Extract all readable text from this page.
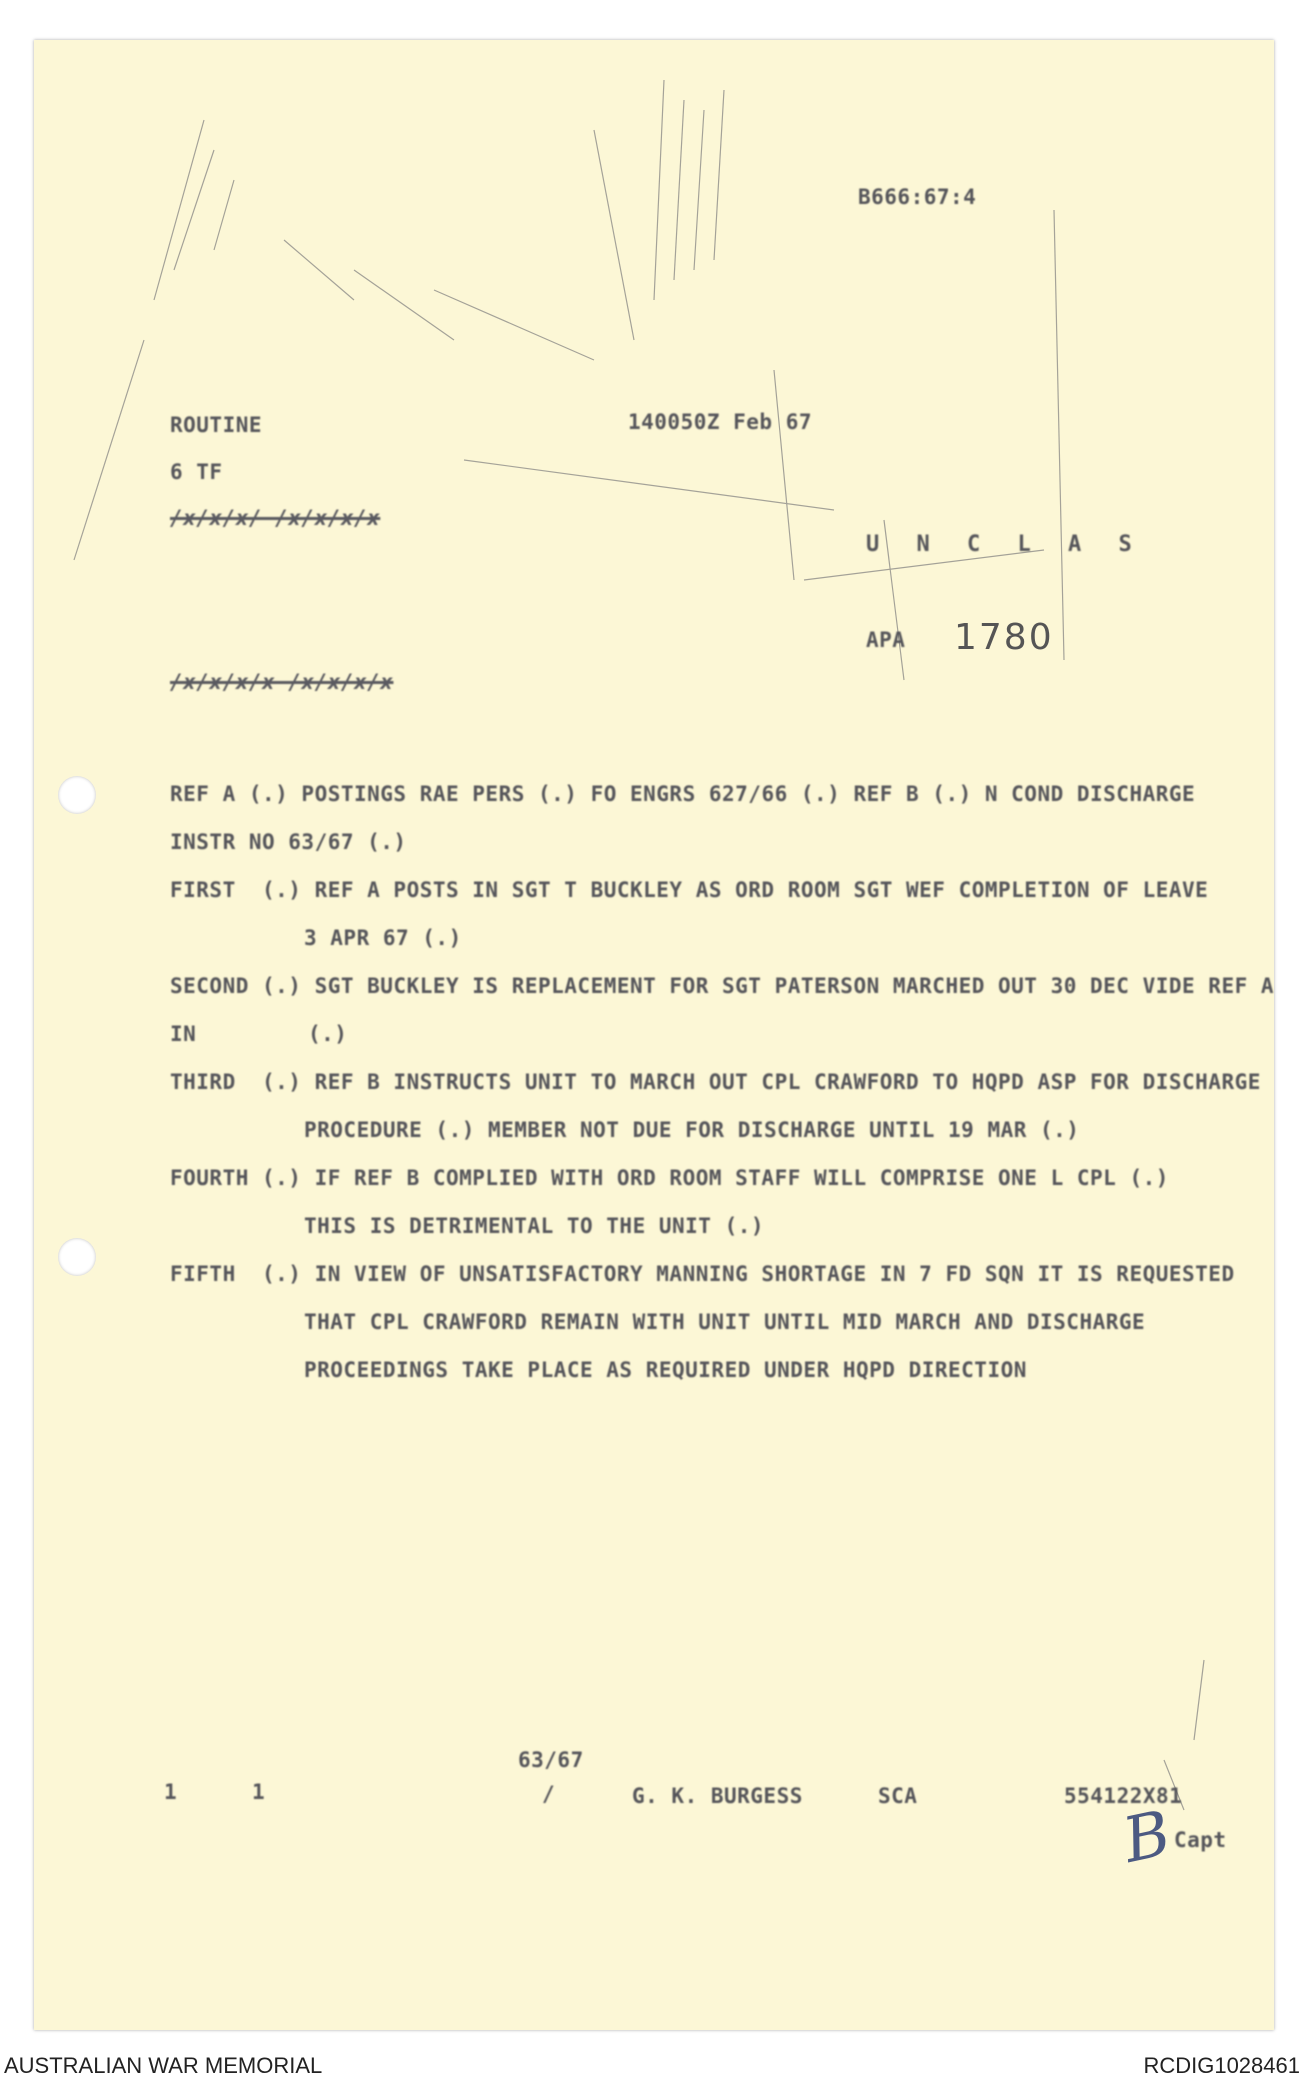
B666:67:4
ROUTINE	140050Z Feb 67
6 TF
/x/x/x/ /x/x/x/x
U N C L A S
APA 1780
/x/x/x/x /x/x/x/x
REF A (.) POSTINGS RAE PERS (.) FO ENGRS 627/66 (.) REF B (.) N COND DISCHARGE
INSTR NO 63/67 (.)
FIRST (.) REF A POSTS IN SGT T BUCKLEY AS ORD ROOM SGT WEF COMPLETION OF LEAVE
3 APR 67 (.)
SECOND (.) SGT BUCKLEY IS REPLACEMENT FOR SGT PATERSON MARCHED OUT 30 DEC VIDE REF A
IN	(.)
THIRD (.) REF B INSTRUCTS UNIT TO MARCH OUT CPL CRAWFORD TO HQPD ASP FOR DISCHARGE
PROCEDURE (.) MEMBER NOT DUE FOR DISCHARGE UNTIL 19 MAR (.)
FOURTH (.) IF REF B COMPLIED WITH ORD ROOM STAFF WILL COMPRISE ONE L CPL (.)
THIS IS DETRIMENTAL TO THE UNIT (.)
FIFTH (.) IN VIEW OF UNSATISFACTORY MANNING SHORTAGE IN 7 FD SQN IT IS REQUESTED
THAT CPL CRAWFORD REMAIN WITH UNIT UNTIL MID MARCH AND DISCHARGE
PROCEEDINGS TAKE PLACE AS REQUIRED UNDER HQPD DIRECTION
1	1
63/67
/	G. K. BURGESS	SCA	554122X81
B
Capt
AUSTRALIAN WAR MEMORIAL	RCDIG1028461
